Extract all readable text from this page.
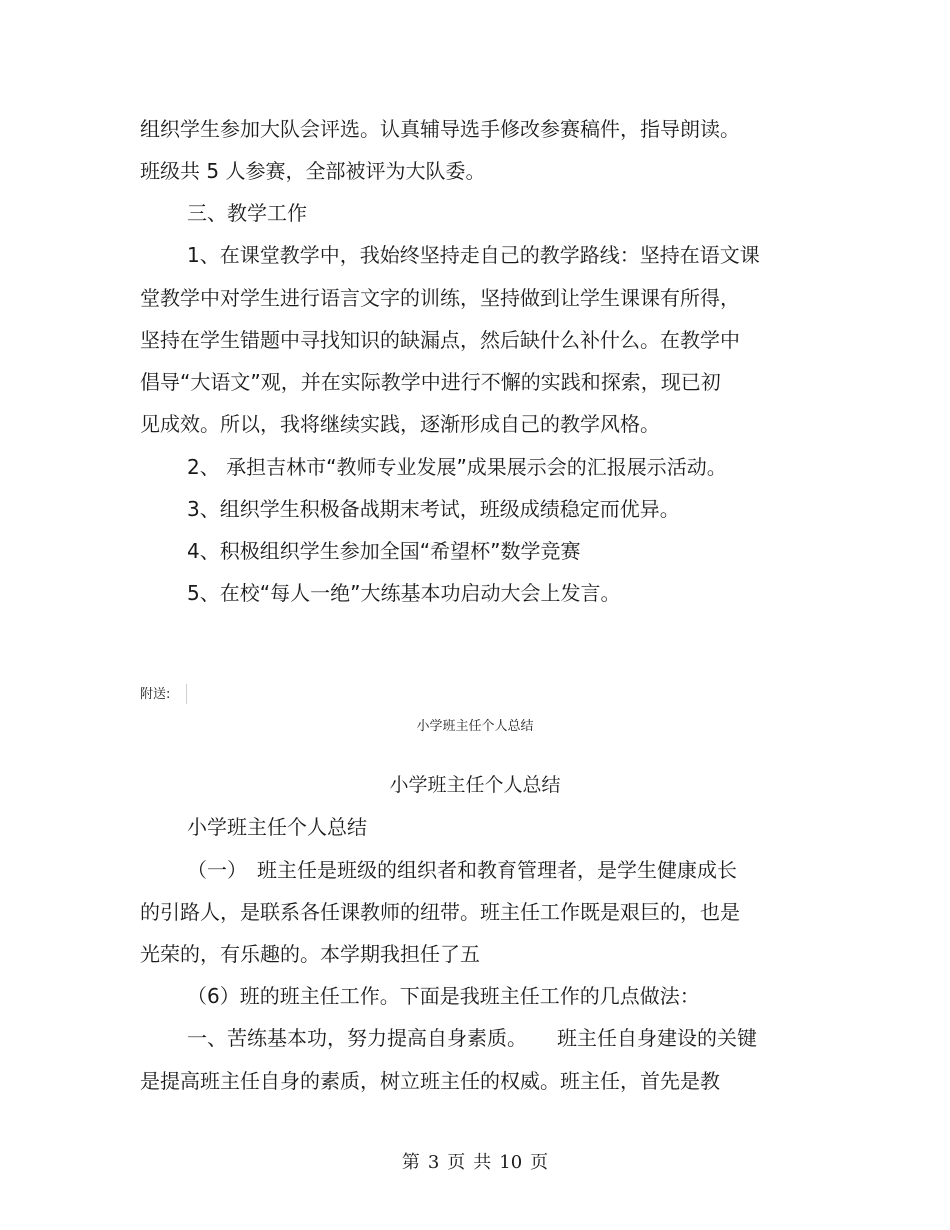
组织学生参加大队会评选。认真辅导选手修改参赛稿件，指导朗读。
班级共 5 人参赛，全部被评为大队委。
三、教学工作
1、在课堂教学中，我始终坚持走自己的教学路线：坚持在语文课
堂教学中对学生进行语言文字的训练，坚持做到让学生课课有所得，
坚持在学生错题中寻找知识的缺漏点，然后缺什么补什么。在教学中
倡导“大语文”观，并在实际教学中进行不懈的实践和探索，现已初
见成效。所以，我将继续实践，逐渐形成自己的教学风格。
2、 承担吉林市“教师专业发展”成果展示会的汇报展示活动。
3、组织学生积极备战期末考试，班级成绩稳定而优异。
4、积极组织学生参加全国“希望杯”数学竞赛
5、在校“每人一绝”大练基本功启动大会上发言。
附送:
小学班主任个人总结
小学班主任个人总结
小学班主任个人总结
（一）　班主任是班级的组织者和教育管理者，是学生健康成长
的引路人，是联系各任课教师的纽带。班主任工作既是艰巨的，也是
光荣的，有乐趣的。本学期我担任了五
（6）班的班主任工作。下面是我班主任工作的几点做法：
一、苦练基本功，努力提高自身素质。　　班主任自身建设的关键
是提高班主任自身的素质，树立班主任的权威。班主任，首先是教
第 3 页 共 10 页
